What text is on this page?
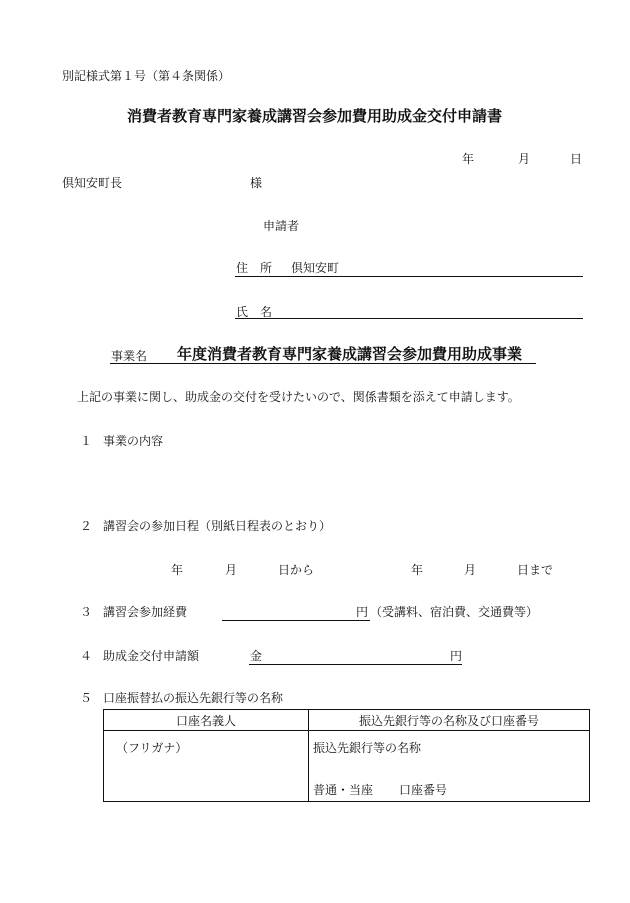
別記様式第１号（第４条関係）
消費者教育専門家養成講習会参加費用助成金交付申請書
年	月	日
倶知安町長	様
申請者
住　所 倶知安町
氏　名
事業名 年度消費者教育専門家養成講習会参加費用助成事業
上記の事業に関し、助成金の交付を受けたいので、関係書類を添えて申請します。
１ 事業の内容
２ 講習会の参加日程（別紙日程表のとおり）
年	月	日から	年	月	日まで
３ 講習会参加経費	円 （受講料、宿泊費、交通費等）
４ 助成金交付申請額	金	円
５ 口座振替払の振込先銀行等の名称
口座名義人	振込先銀行等の名称及び口座番号

（フリガナ）	振込先銀行等の名称
普通・当座 口座番号
